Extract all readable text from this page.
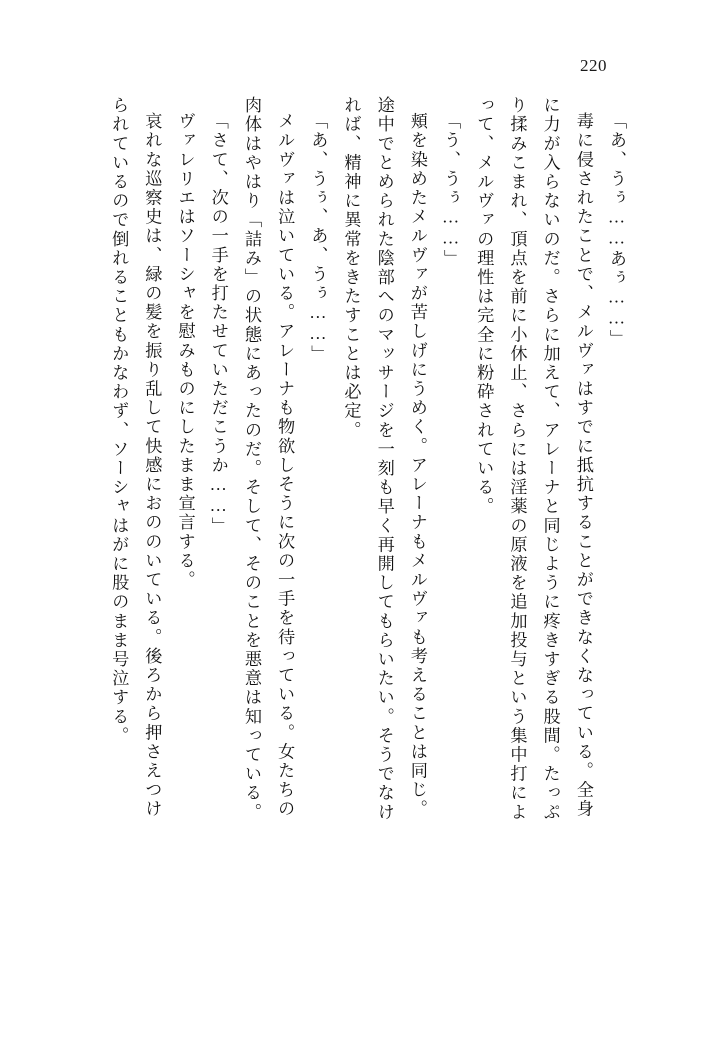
220
「あ、うぅ……あぅ……」
毒に侵されたことで、メルヴァはすでに抵抗することができなくなっている。全身
に力が入らないのだ。さらに加えて、アレーナと同じように疼きすぎる股間。たっぷ
り揉みこまれ、頂点を前に小休止、さらには淫薬の原液を追加投与という集中打によ
って、メルヴァの理性は完全に粉砕されている。
「う、うぅ……」
頬を染めたメルヴァが苦しげにうめく。アレーナもメルヴァも考えることは同じ。
途中でとめられた陰部へのマッサージを一刻も早く再開してもらいたい。そうでなけ
れば、精神に異常をきたすことは必定。
「あ、うぅ、あ、うぅ……」
メルヴァは泣いている。アレーナも物欲しそうに次の一手を待っている。女たちの
肉体はやはり「詰み」の状態にあったのだ。そして、そのことを悪意は知っている。
「さて、次の一手を打たせていただこうか……」
ヴァレリエはソーシャを慰みものにしたまま宣言する。
哀れな巡察史は、緑の髪を振り乱して快感におののいている。後ろから押さえつけ
られているので倒れることもかなわず、ソーシャはがに股のまま号泣する。
